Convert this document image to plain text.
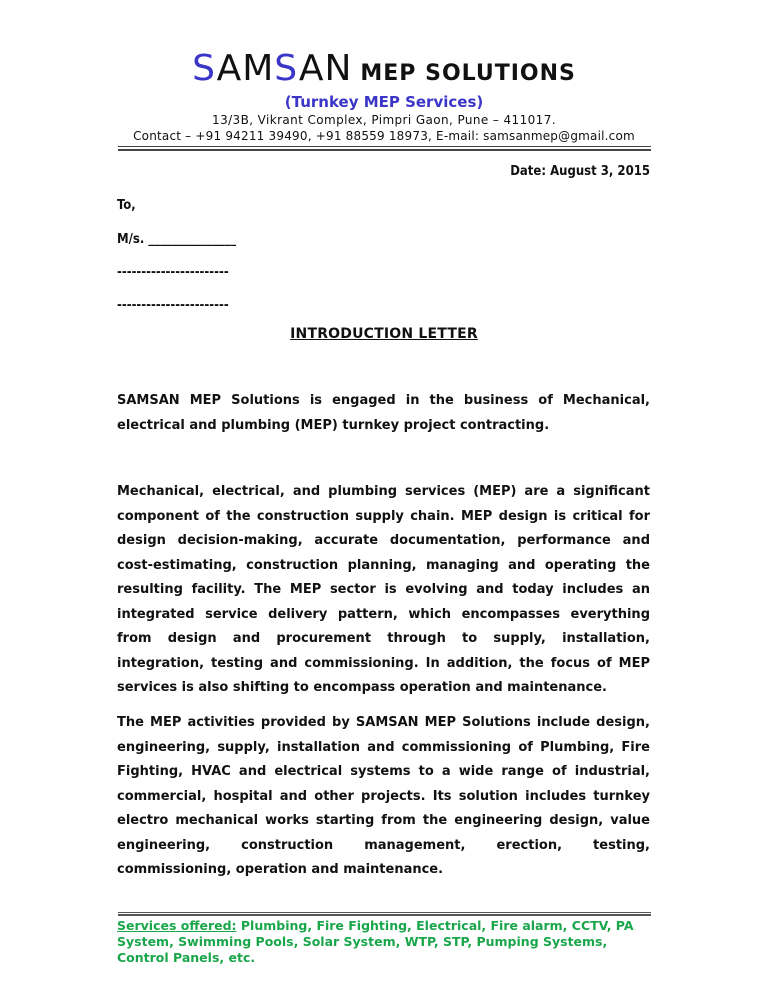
SAMSAN MEP SOLUTIONS
(Turnkey MEP Services)
13/3B, Vikrant Complex, Pimpri Gaon, Pune – 411017.
Contact – +91 94211 39490, +91 88559 18973, E-mail: samsanmep@gmail.com
Date: August 3, 2015
To,
M/s. _______________
-----------------------
-----------------------
INTRODUCTION LETTER
SAMSAN MEP Solutions is engaged in the business of Mechanical, electrical and plumbing (MEP) turnkey project contracting.
Mechanical, electrical, and plumbing services (MEP) are a significant component of the construction supply chain. MEP design is critical for design decision-making, accurate documentation, performance and cost-estimating, construction planning, managing and operating the resulting facility. The MEP sector is evolving and today includes an integrated service delivery pattern, which encompasses everything from design and procurement through to supply, installation, integration, testing and commissioning. In addition, the focus of MEP services is also shifting to encompass operation and maintenance.
The MEP activities provided by SAMSAN MEP Solutions include design, engineering, supply, installation and commissioning of Plumbing, Fire Fighting, HVAC and electrical systems to a wide range of industrial, commercial, hospital and other projects. Its solution includes turnkey electro mechanical works starting from the engineering design, value engineering, construction management, erection, testing, commissioning, operation and maintenance.
Services offered: Plumbing, Fire Fighting, Electrical, Fire alarm, CCTV, PA System, Swimming Pools, Solar System, WTP, STP, Pumping Systems, Control Panels, etc.
